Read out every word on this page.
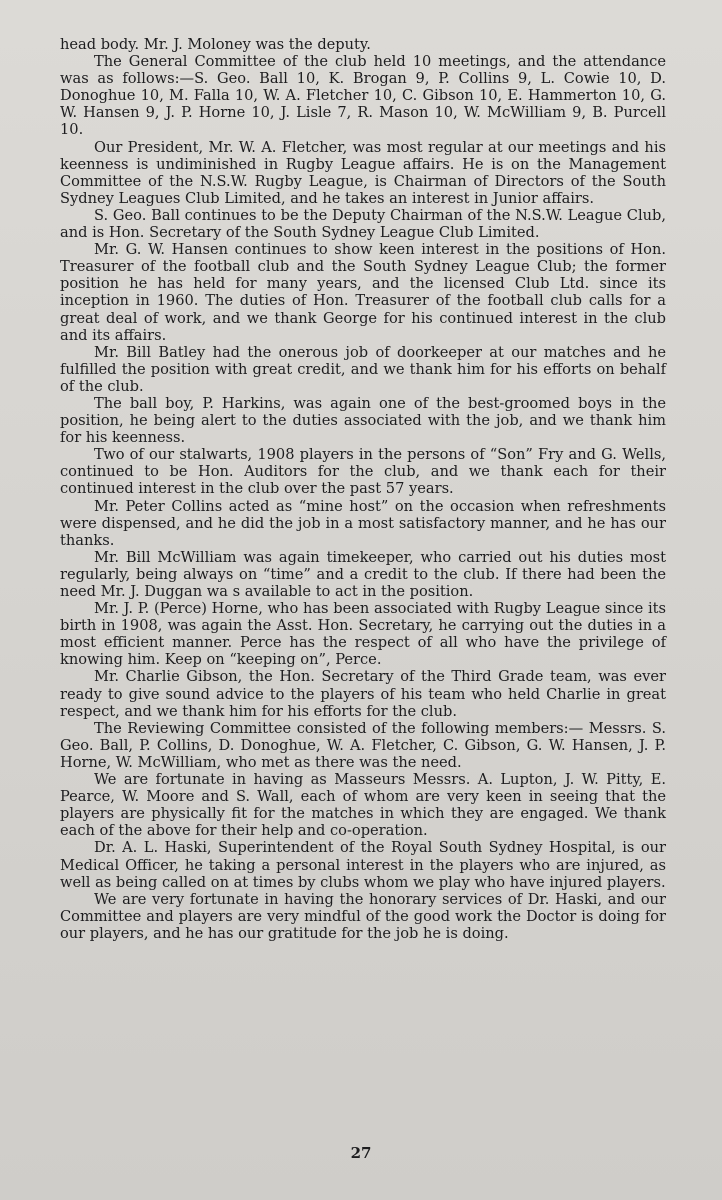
head body. Mr. J. Moloney was the deputy.

The General Committee of the club held 10 meetings, and the attendance was as follows:—S. Geo. Ball 10, K. Brogan 9, P. Collins 9, L. Cowie 10, D. Donoghue 10, M. Falla 10, W. A. Fletcher 10, C. Gibson 10, E. Hammerton 10, G. W. Hansen 9, J. P. Horne 10, J. Lisle 7, R. Mason 10, W. McWilliam 9, B. Purcell 10.

Our President, Mr. W. A. Fletcher, was most regular at our meetings and his keenness is undiminished in Rugby League affairs. He is on the Management Committee of the N.S.W. Rugby League, is Chairman of Directors of the South Sydney Leagues Club Limited, and he takes an interest in Junior affairs.

S. Geo. Ball continues to be the Deputy Chairman of the N.S.W. League Club, and is Hon. Secretary of the South Sydney League Club Limited.

Mr. G. W. Hansen continues to show keen interest in the positions of Hon. Treasurer of the football club and the South Sydney League Club; the former position he has held for many years, and the licensed Club Ltd. since its inception in 1960. The duties of Hon. Treasurer of the football club calls for a great deal of work, and we thank George for his continued interest in the club and its affairs.

Mr. Bill Batley had the onerous job of doorkeeper at our matches and he fulfilled the position with great credit, and we thank him for his efforts on behalf of the club.

The ball boy, P. Harkins, was again one of the best-groomed boys in the position, he being alert to the duties associated with the job, and we thank him for his keenness.

Two of our stalwarts, 1908 players in the persons of “Son” Fry and G. Wells, continued to be Hon. Auditors for the club, and we thank each for their continued interest in the club over the past 57 years.

Mr. Peter Collins acted as “mine host” on the occasion when refreshments were dispensed, and he did the job in a most satisfactory manner, and he has our thanks.

Mr. Bill McWilliam was again timekeeper, who carried out his duties most regularly, being always on “time” and a credit to the club. If there had been the need Mr. J. Duggan wa s available to act in the position.

Mr. J. P. (Perce) Horne, who has been associated with Rugby League since its birth in 1908, was again the Asst. Hon. Secretary, he carrying out the duties in a most efficient manner. Perce has the respect of all who have the privilege of knowing him. Keep on “keeping on”, Perce.

Mr. Charlie Gibson, the Hon. Secretary of the Third Grade team, was ever ready to give sound advice to the players of his team who held Charlie in great respect, and we thank him for his efforts for the club.

The Reviewing Committee consisted of the following members:— Messrs. S. Geo. Ball, P. Collins, D. Donoghue, W. A. Fletcher, C. Gibson, G. W. Hansen, J. P. Horne, W. McWilliam, who met as there was the need.

We are fortunate in having as Masseurs Messrs. A. Lupton, J. W. Pitty, E. Pearce, W. Moore and S. Wall, each of whom are very keen in seeing that the players are physically fit for the matches in which they are engaged. We thank each of the above for their help and co-operation.

Dr. A. L. Haski, Superintendent of the Royal South Sydney Hospital, is our Medical Officer, he taking a personal interest in the players who are injured, as well as being called on at times by clubs whom we play who have injured players.

We are very fortunate in having the honorary services of Dr. Haski, and our Committee and players are very mindful of the good work the Doctor is doing for our players, and he has our gratitude for the job he is doing.

27
